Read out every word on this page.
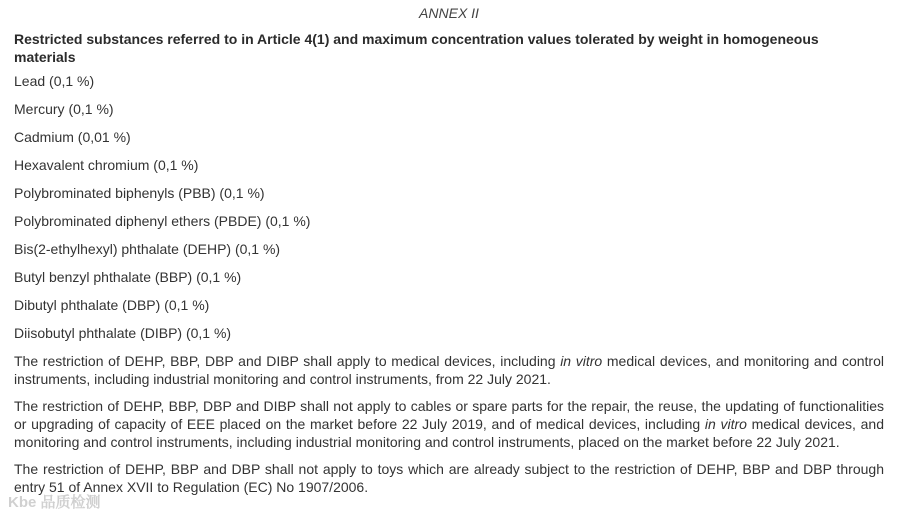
ANNEX II
Restricted substances referred to in Article 4(1) and maximum concentration values tolerated by weight in homogeneous materials
Lead (0,1 %)
Mercury (0,1 %)
Cadmium (0,01 %)
Hexavalent chromium (0,1 %)
Polybrominated biphenyls (PBB) (0,1 %)
Polybrominated diphenyl ethers (PBDE) (0,1 %)
Bis(2-ethylhexyl) phthalate (DEHP) (0,1 %)
Butyl benzyl phthalate (BBP) (0,1 %)
Dibutyl phthalate (DBP) (0,1 %)
Diisobutyl phthalate (DIBP) (0,1 %)

The restriction of DEHP, BBP, DBP and DIBP shall apply to medical devices, including in vitro medical devices, and monitoring and control instruments, including industrial monitoring and control instruments, from 22 July 2021.

The restriction of DEHP, BBP, DBP and DIBP shall not apply to cables or spare parts for the repair, the reuse, the updating of functionalities or upgrading of capacity of EEE placed on the market before 22 July 2019, and of medical devices, including in vitro medical devices, and monitoring and control instruments, including industrial monitoring and control instruments, placed on the market before 22 July 2021.

The restriction of DEHP, BBP and DBP shall not apply to toys which are already subject to the restriction of DEHP, BBP and DBP through entry 51 of Annex XVII to Regulation (EC) No 1907/2006.

Kbe 品质检测
